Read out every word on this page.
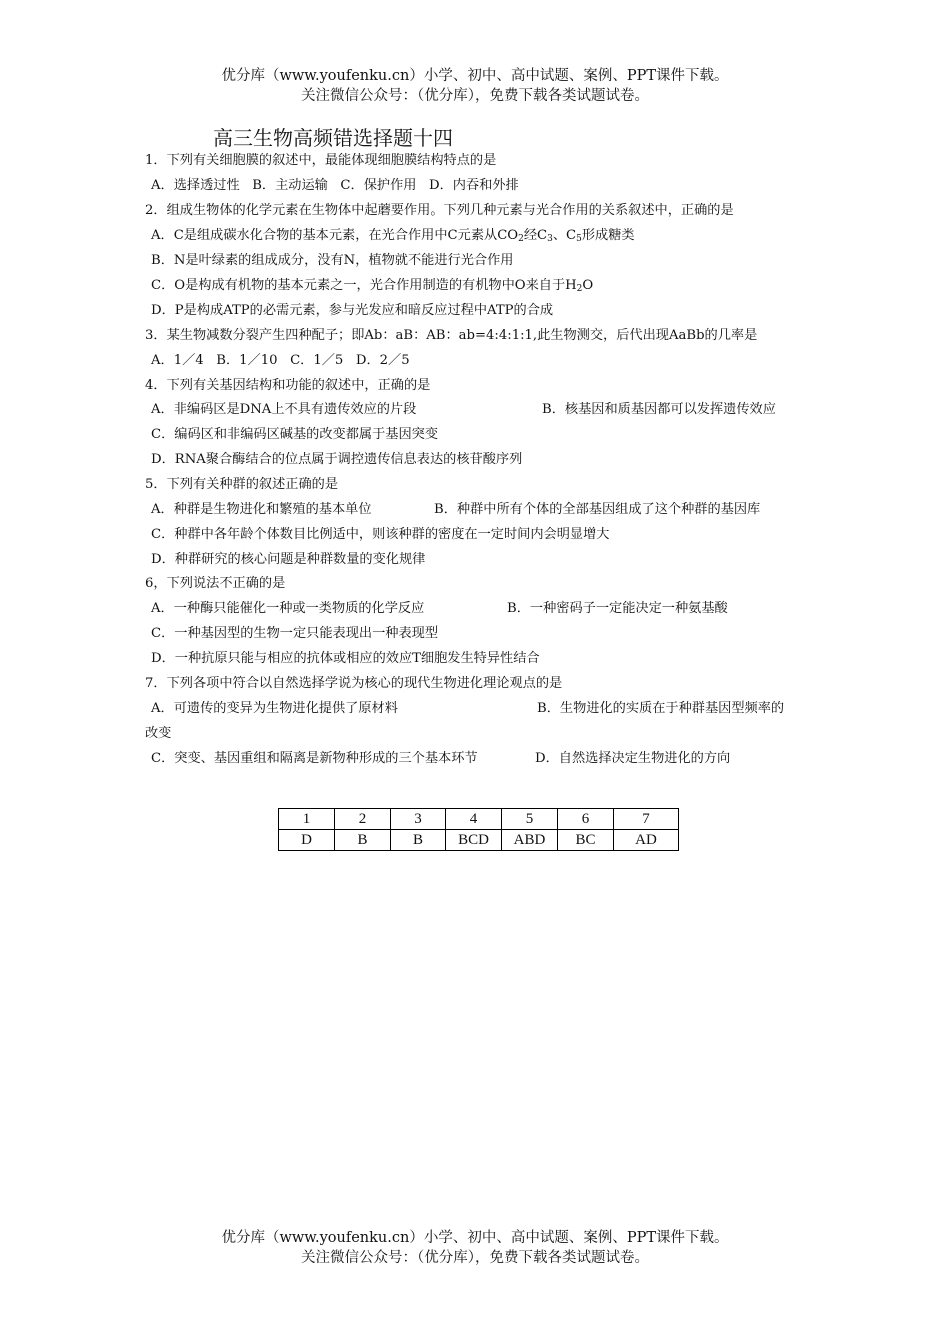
优分库（www.youfenku.cn）小学、初中、高中试题、案例、PPT课件下载。
关注微信公众号：（优分库），免费下载各类试题试卷。
高三生物高频错选择题十四
1．下列有关细胞膜的叙述中，最能体现细胞膜结构特点的是
A．选择透过性   B．主动运输   C．保护作用   D．内吞和外排
2．组成生物体的化学元素在生物体中起蘑要作用。下列几种元素与光合作用的关系叙述中，正确的是
A．C是组成碳水化合物的基本元素，在光合作用中C元素从$CO_2$经$C_3$、$C_5$形成糖类
B．N是叶绿素的组成成分，没有N，植物就不能进行光合作用
C．O是构成有机物的基本元素之一，光合作用制造的有机物中O来自于$H_2O$
D．P是构成ATP的必需元素，参与光发应和暗反应过程中ATP的合成
3．某生物减数分裂产生四种配子；即Ab：aB：AB：ab=4:4:1:1,此生物测交，后代出现AaBb的几率是
A．1／4   B．1／10   C．1／5   D．2／5
4．下列有关基因结构和功能的叙述中，正确的是
A．非编码区是DNA上不具有遗传效应的片段	B．核基因和质基因都可以发挥遗传效应
C．编码区和非编码区碱基的改变都属于基因突变
D．RNA聚合酶结合的位点属于调控遗传信息表达的核苷酸序列
5．下列有关种群的叙述正确的是
A．种群是生物进化和繁殖的基本单位	B．种群中所有个体的全部基因组成了这个种群的基因库
C．种群中各年龄个体数目比例适中，则该种群的密度在一定时间内会明显增大
D．种群研究的核心问题是种群数量的变化规律
6，下列说法不正确的是
A．一种酶只能催化一种或一类物质的化学反应	B．一种密码子一定能决定一种氨基酸
C．一种基因型的生物一定只能表现出一种表现型
D．一种抗原只能与相应的抗体或相应的效应T细胞发生特异性结合
7．下列各项中符合以自然选择学说为核心的现代生物进化理论观点的是
A．可遗传的变异为生物进化提供了原材料	B．生物进化的实质在于种群基因型频率的
改变
C．突变、基因重组和隔离是新物种形成的三个基本环节	D．自然选择决定生物进化的方向
1	2	3	4	5	6	7
D	B	B	BCD	ABD	BC	AD
优分库（www.youfenku.cn）小学、初中、高中试题、案例、PPT课件下载。
关注微信公众号：（优分库），免费下载各类试题试卷。
